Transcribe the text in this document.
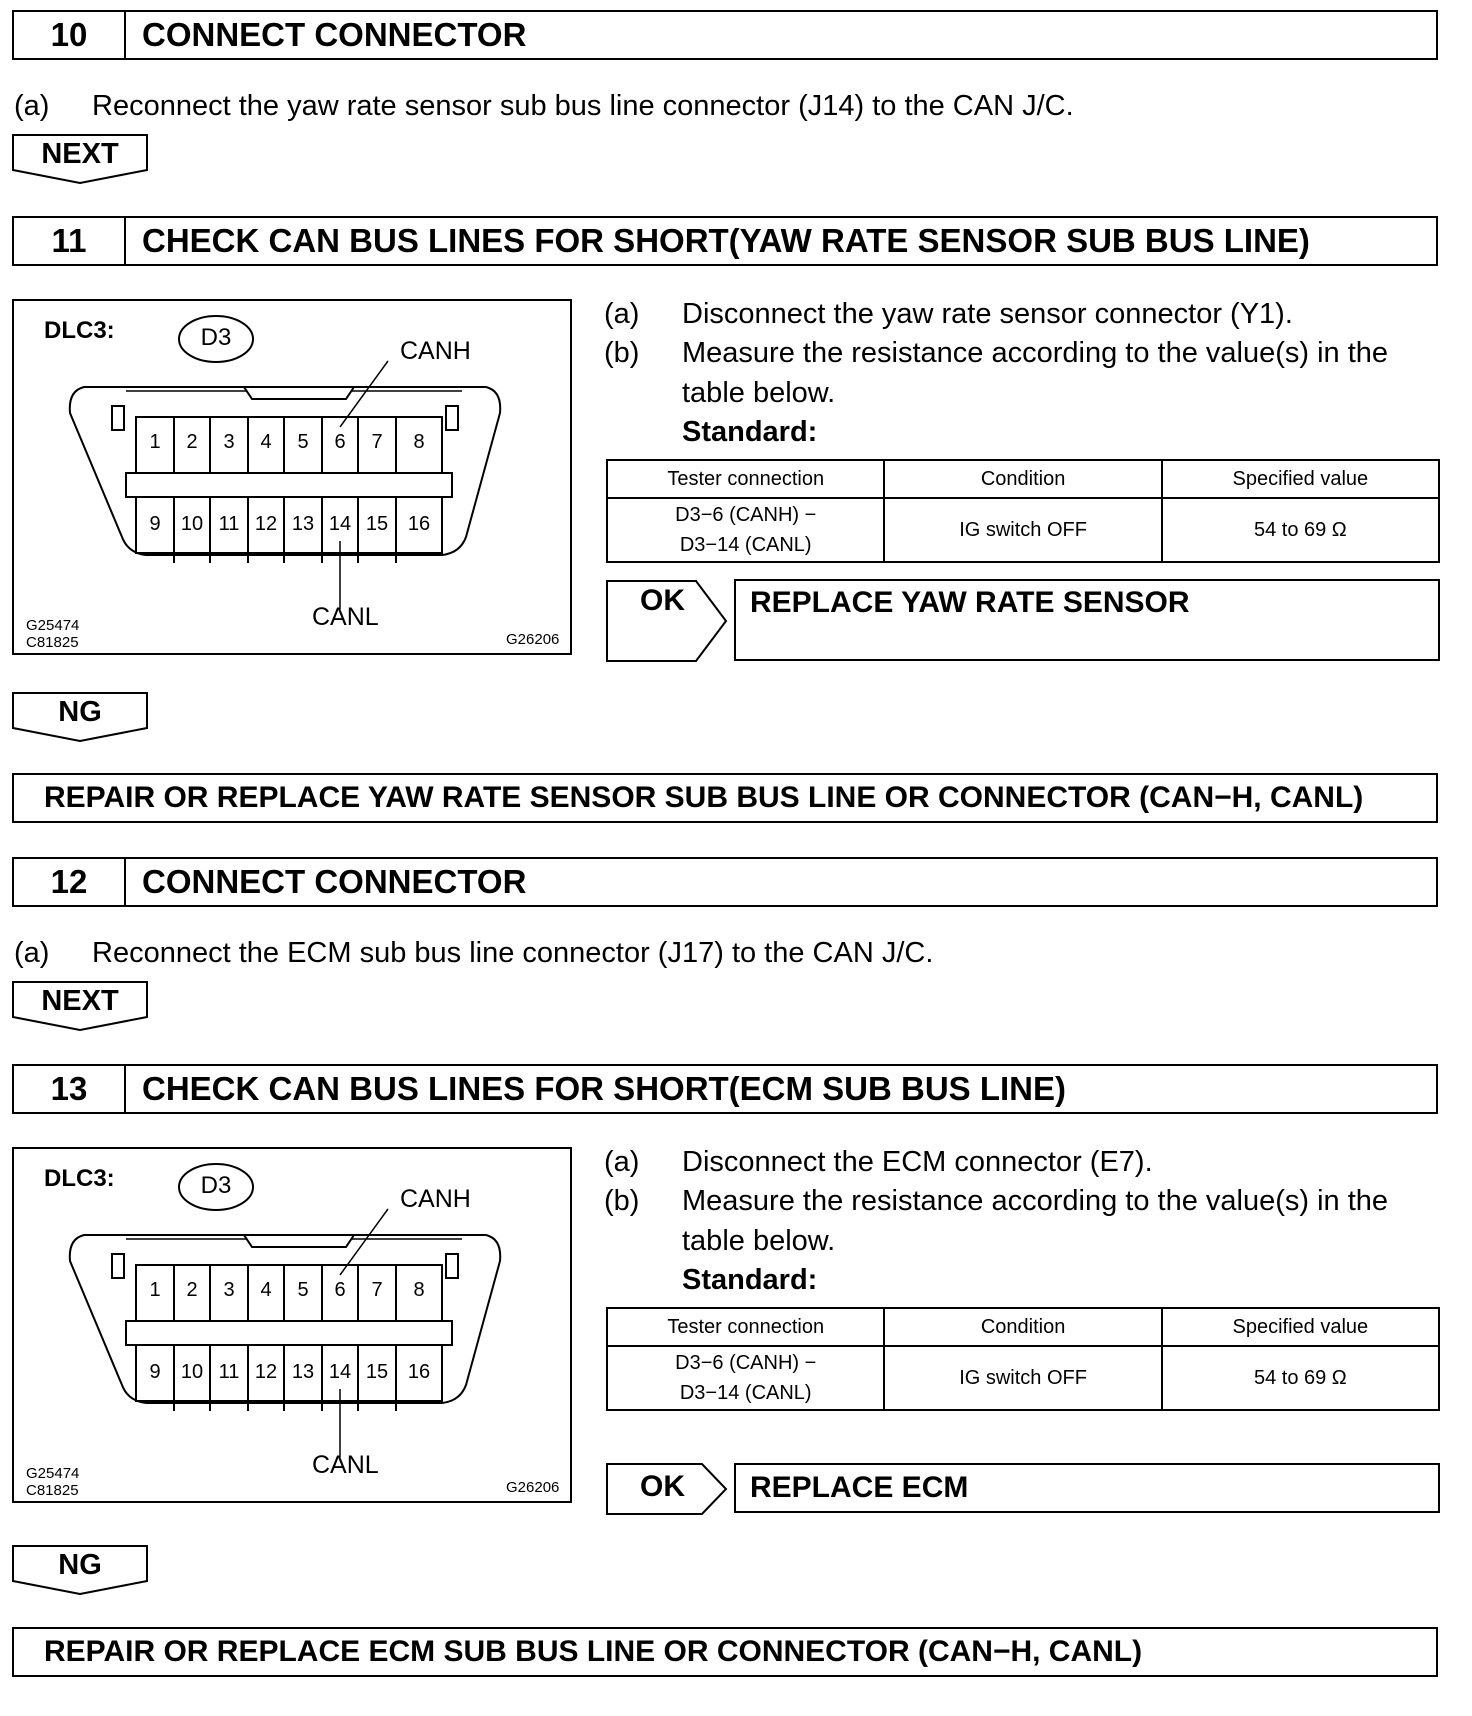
10	CONNECT CONNECTOR
(a) Reconnect the yaw rate sensor sub bus line connector (J14) to the CAN J/C.
NEXT
11	CHECK CAN BUS LINES FOR SHORT(YAW RATE SENSOR SUB BUS LINE)
DLC3:	D3	CANH
CANL
1	2	3	4	5	6	7	8
9	10 11 12 13 14 15 16
G25474
C81825	G26206
(a) Disconnect the yaw rate sensor connector (Y1).
(b) Measure the resistance according to the value(s) in the
table below.
Standard:
Tester connection	Condition	Specified value

D3−6 (CANH) −
D3−14 (CANL)	IG switch OFF	54 to 69 Ω
OK	REPLACE YAW RATE SENSOR
NG
REPAIR OR REPLACE YAW RATE SENSOR SUB BUS LINE OR CONNECTOR (CAN−H, CANL)
12	CONNECT CONNECTOR
(a) Reconnect the ECM sub bus line connector (J17) to the CAN J/C.
NEXT
13	CHECK CAN BUS LINES FOR SHORT(ECM SUB BUS LINE)
DLC3:	D3	CANH
CANL
1	2	3	4	5	6	7	8
9	10 11 12 13 14 15 16
G25474
C81825	G26206
(a) Disconnect the ECM connector (E7).
(b) Measure the resistance according to the value(s) in the
table below.
Standard:
Tester connection	Condition	Specified value

D3−6 (CANH) −
D3−14 (CANL)	IG switch OFF	54 to 69 Ω
OK	REPLACE ECM
NG
REPAIR OR REPLACE ECM SUB BUS LINE OR CONNECTOR (CAN−H, CANL)
